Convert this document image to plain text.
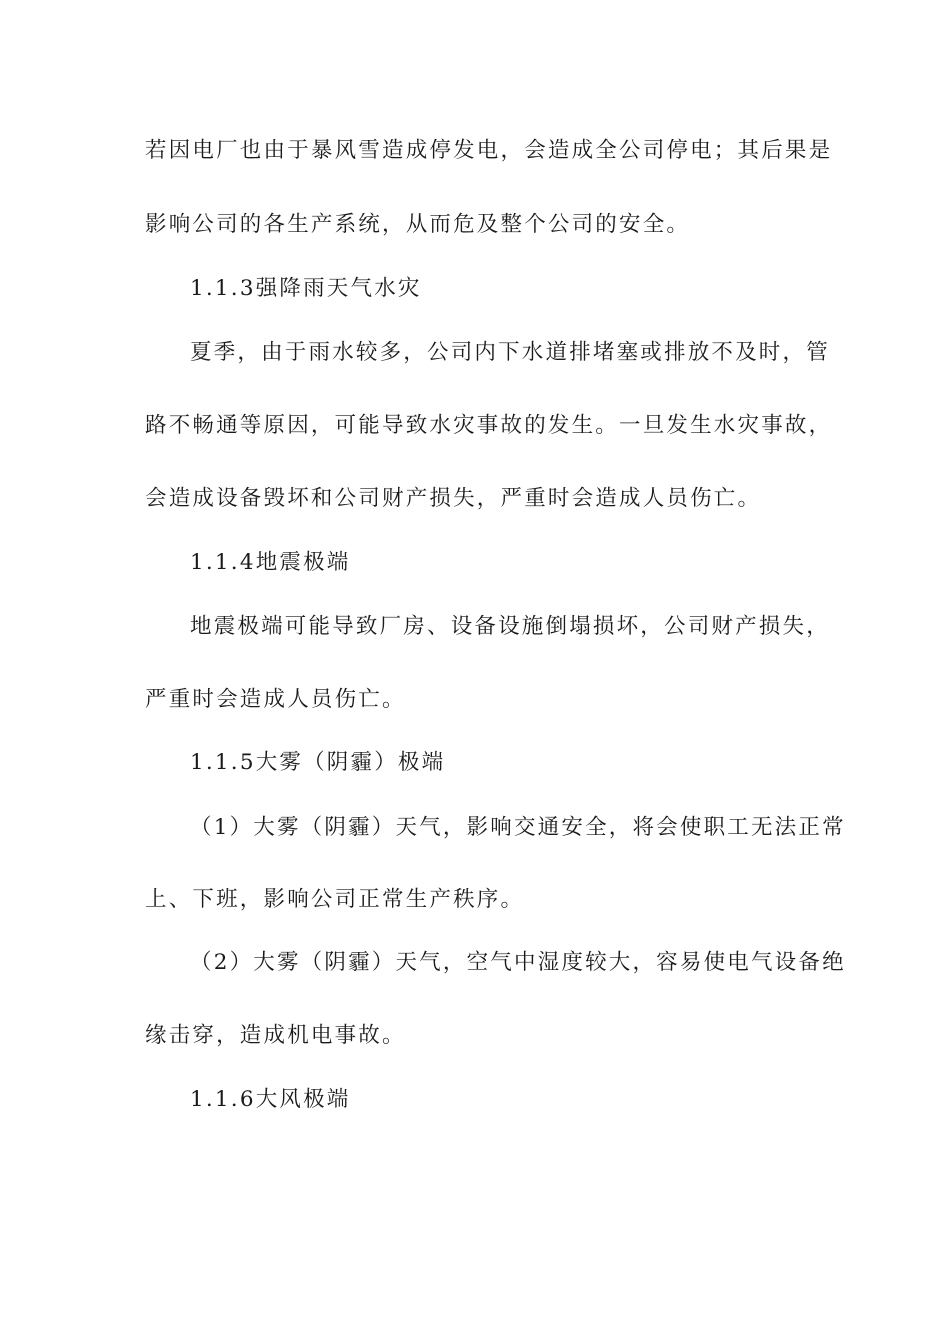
若因电厂也由于暴风雪造成停发电，会造成全公司停电；其后果是
影响公司的各生产系统，从而危及整个公司的安全。
1.1.3强降雨天气水灾
夏季，由于雨水较多，公司内下水道排堵塞或排放不及时，管
路不畅通等原因，可能导致水灾事故的发生。一旦发生水灾事故，
会造成设备毁坏和公司财产损失，严重时会造成人员伤亡。
1.1.4地震极端
地震极端可能导致厂房、设备设施倒塌损坏，公司财产损失，
严重时会造成人员伤亡。
1.1.5大雾（阴霾）极端
（1）大雾（阴霾）天气，影响交通安全，将会使职工无法正常
上、下班，影响公司正常生产秩序。
（2）大雾（阴霾）天气，空气中湿度较大，容易使电气设备绝
缘击穿，造成机电事故。
1.1.6大风极端
